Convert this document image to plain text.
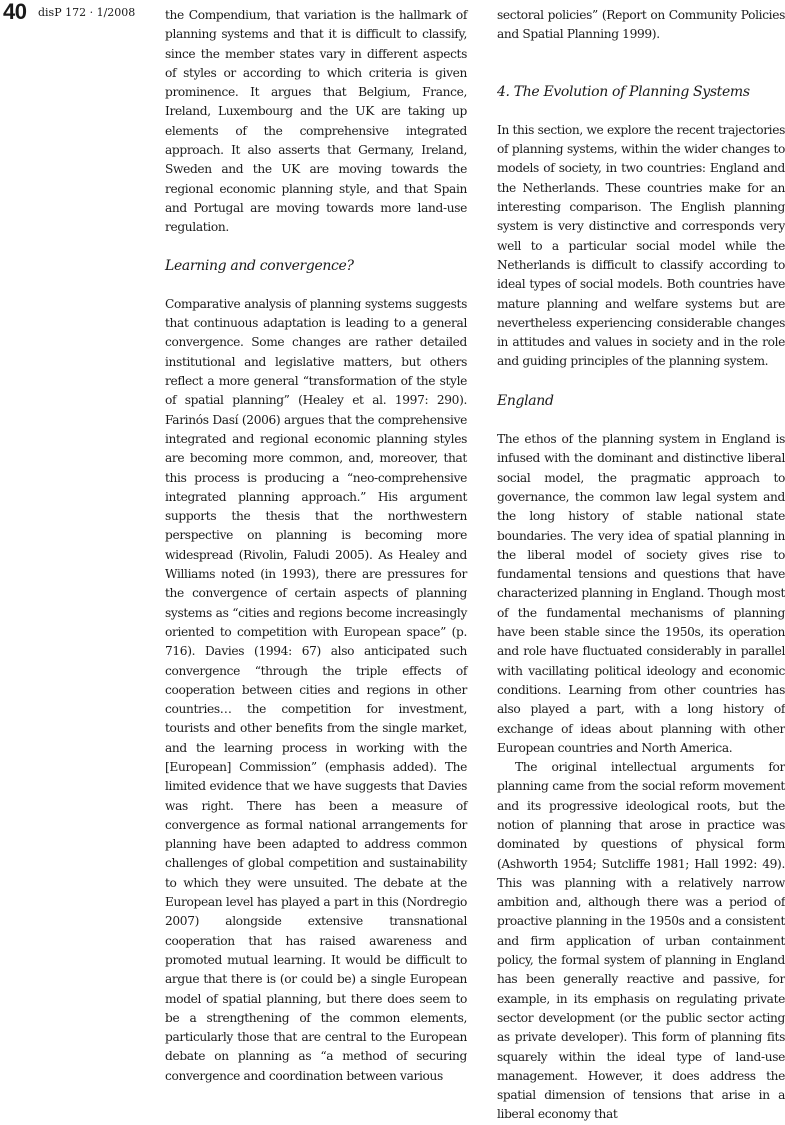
40 disP 172 · 1/2008 the Compendium, that variation is the hallmark of planning systems and that it is difficult to classify, since the member states vary in different aspects of styles or according to which criteria is given prominence. It argues that Belgium, France, Ireland, Luxembourg and the UK are taking up elements of the comprehensive integrated approach. It also asserts that Germany, Ireland, Sweden and the UK are moving towards the regional economic planning style, and that Spain and Portugal are moving towards more land-use regulation.

Learning and convergence?

Comparative analysis of planning systems suggests that continuous adaptation is leading to a general convergence. Some changes are rather detailed institutional and legislative matters, but others reflect a more general “transformation of the style of spatial planning” (Healey et al. 1997: 290). Farinós Dasí (2006) argues that the comprehensive integrated and regional economic planning styles are becoming more common, and, moreover, that this process is producing a “neo-comprehensive integrated planning approach.” His argument supports the thesis that the northwestern perspective on planning is becoming more widespread (Rivolin, Faludi 2005). As Healey and Williams noted (in 1993), there are pressures for the convergence of certain aspects of planning systems as “cities and regions become increasingly oriented to competition with European space” (p. 716). Davies (1994: 67) also anticipated such convergence “through the triple effects of cooperation between cities and regions in other countries… the competition for investment, tourists and other benefits from the single market, and the learning process in working with the [European] Commission” (emphasis added). The limited evidence that we have suggests that Davies was right. There has been a measure of convergence as formal national arrangements for planning have been adapted to address common challenges of global competition and sustainability to which they were unsuited. The debate at the European level has played a part in this (Nordregio 2007) alongside extensive transnational cooperation that has raised awareness and promoted mutual learning. It would be difficult to argue that there is (or could be) a single European model of spatial planning, but there does seem to be a strengthening of the common elements, particularly those that are central to the European debate on planning as “a method of securing convergence and coordination between various

sectoral policies” (Report on Community Policies and Spatial Planning 1999).

4. The Evolution of Planning Systems

In this section, we explore the recent trajectories of planning systems, within the wider changes to models of society, in two countries: England and the Netherlands. These countries make for an interesting comparison. The English planning system is very distinctive and corresponds very well to a particular social model while the Netherlands is difficult to classify according to ideal types of social models. Both countries have mature planning and welfare systems but are nevertheless experiencing considerable changes in attitudes and values in society and in the role and guiding principles of the planning system.

England

The ethos of the planning system in England is infused with the dominant and distinctive liberal social model, the pragmatic approach to governance, the common law legal system and the long history of stable national state boundaries. The very idea of spatial planning in the liberal model of society gives rise to fundamental tensions and questions that have characterized planning in England. Though most of the fundamental mechanisms of planning have been stable since the 1950s, its operation and role have fluctuated considerably in parallel with vacillating political ideology and economic conditions. Learning from other countries has also played a part, with a long history of exchange of ideas about planning with other European countries and North America.

The original intellectual arguments for planning came from the social reform movement and its progressive ideological roots, but the notion of planning that arose in practice was dominated by questions of physical form (Ashworth 1954; Sutcliffe 1981; Hall 1992: 49). This was planning with a relatively narrow ambition and, although there was a period of proactive planning in the 1950s and a consistent and firm application of urban containment policy, the formal system of planning in England has been generally reactive and passive, for example, in its emphasis on regulating private sector development (or the public sector acting as private developer). This form of planning fits squarely within the ideal type of land-use management. However, it does address the spatial dimension of tensions that arise in a liberal economy that
